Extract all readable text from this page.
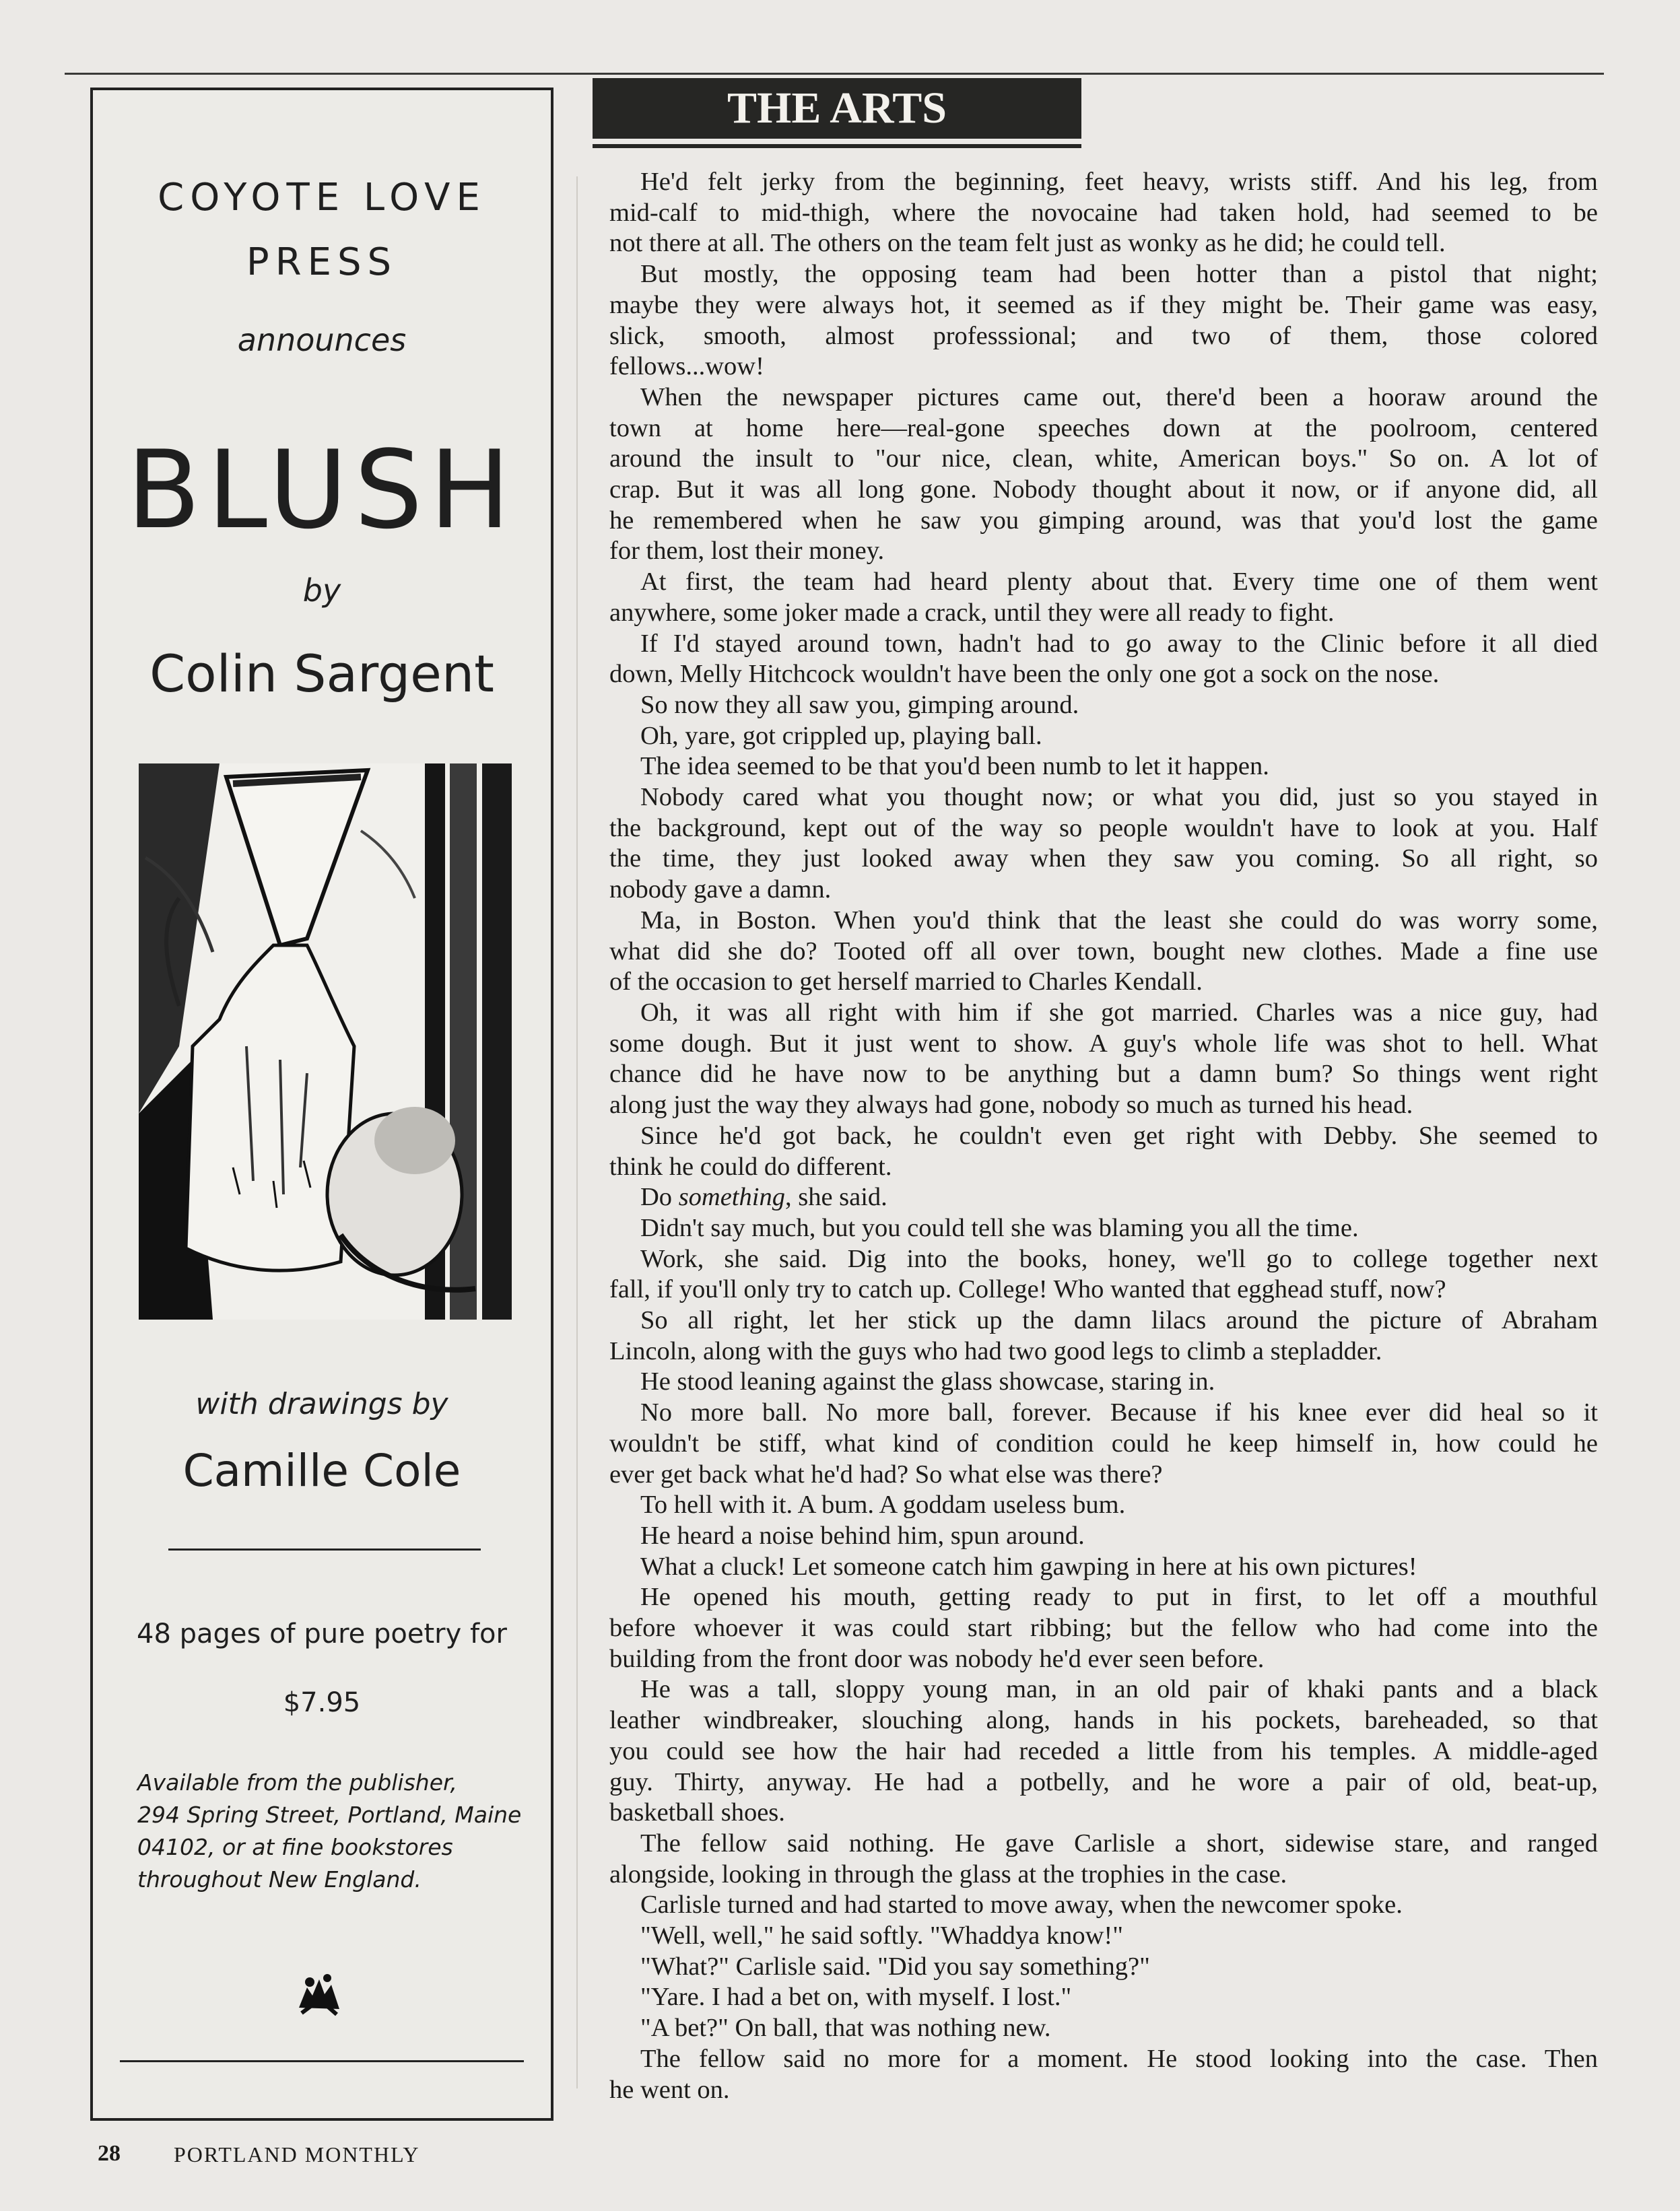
COYOTE LOVE
PRESS
announces
BLUSH
by
Colin Sargent
with drawings by
Camille Cole
48 pages of pure poetry for
$7.95
Available from the publisher,
294 Spring Street, Portland, Maine
04102, or at fine bookstores
throughout New England.
28 PORTLAND MONTHLY
THE ARTS

He'd felt jerky from the beginning, feet heavy, wrists stiff. And his leg, from

mid-calf to mid-thigh, where the novocaine had taken hold, had seemed to be

not there at all. The others on the team felt just as wonky as he did; he could tell.

But mostly, the opposing team had been hotter than a pistol that night;

maybe they were always hot, it seemed as if they might be. Their game was easy,

slick, smooth, almost professsional; and two of them, those colored

fellows...wow!

When the newspaper pictures came out, there'd been a hooraw around the

town at home here—real-gone speeches down at the poolroom, centered

around the insult to "our nice, clean, white, American boys." So on. A lot of

crap. But it was all long gone. Nobody thought about it now, or if anyone did, all

he remembered when he saw you gimping around, was that you'd lost the game

for them, lost their money.

At first, the team had heard plenty about that. Every time one of them went

anywhere, some joker made a crack, until they were all ready to fight.

If I'd stayed around town, hadn't had to go away to the Clinic before it all died

down, Melly Hitchcock wouldn't have been the only one got a sock on the nose.

So now they all saw you, gimping around.

Oh, yare, got crippled up, playing ball.

The idea seemed to be that you'd been numb to let it happen.

Nobody cared what you thought now; or what you did, just so you stayed in

the background, kept out of the way so people wouldn't have to look at you. Half

the time, they just looked away when they saw you coming. So all right, so

nobody gave a damn.

Ma, in Boston. When you'd think that the least she could do was worry some,

what did she do? Tooted off all over town, bought new clothes. Made a fine use

of the occasion to get herself married to Charles Kendall.

Oh, it was all right with him if she got married. Charles was a nice guy, had

some dough. But it just went to show. A guy's whole life was shot to hell. What

chance did he have now to be anything but a damn bum? So things went right

along just the way they always had gone, nobody so much as turned his head.

Since he'd got back, he couldn't even get right with Debby. She seemed to

think he could do different.

Do something, she said.

Didn't say much, but you could tell she was blaming you all the time.

Work, she said. Dig into the books, honey, we'll go to college together next

fall, if you'll only try to catch up. College! Who wanted that egghead stuff, now?

So all right, let her stick up the damn lilacs around the picture of Abraham

Lincoln, along with the guys who had two good legs to climb a stepladder.

He stood leaning against the glass showcase, staring in.

No more ball. No more ball, forever. Because if his knee ever did heal so it

wouldn't be stiff, what kind of condition could he keep himself in, how could he

ever get back what he'd had? So what else was there?

To hell with it. A bum. A goddam useless bum.

He heard a noise behind him, spun around.

What a cluck! Let someone catch him gawping in here at his own pictures!

He opened his mouth, getting ready to put in first, to let off a mouthful

before whoever it was could start ribbing; but the fellow who had come into the

building from the front door was nobody he'd ever seen before.

He was a tall, sloppy young man, in an old pair of khaki pants and a black

leather windbreaker, slouching along, hands in his pockets, bareheaded, so that

you could see how the hair had receded a little from his temples. A middle-aged

guy. Thirty, anyway. He had a potbelly, and he wore a pair of old, beat-up,

basketball shoes.

The fellow said nothing. He gave Carlisle a short, sidewise stare, and ranged

alongside, looking in through the glass at the trophies in the case.

Carlisle turned and had started to move away, when the newcomer spoke.

"Well, well," he said softly. "Whaddya know!"

"What?" Carlisle said. "Did you say something?"

"Yare. I had a bet on, with myself. I lost."

"A bet?" On ball, that was nothing new.

The fellow said no more for a moment. He stood looking into the case. Then

he went on.
